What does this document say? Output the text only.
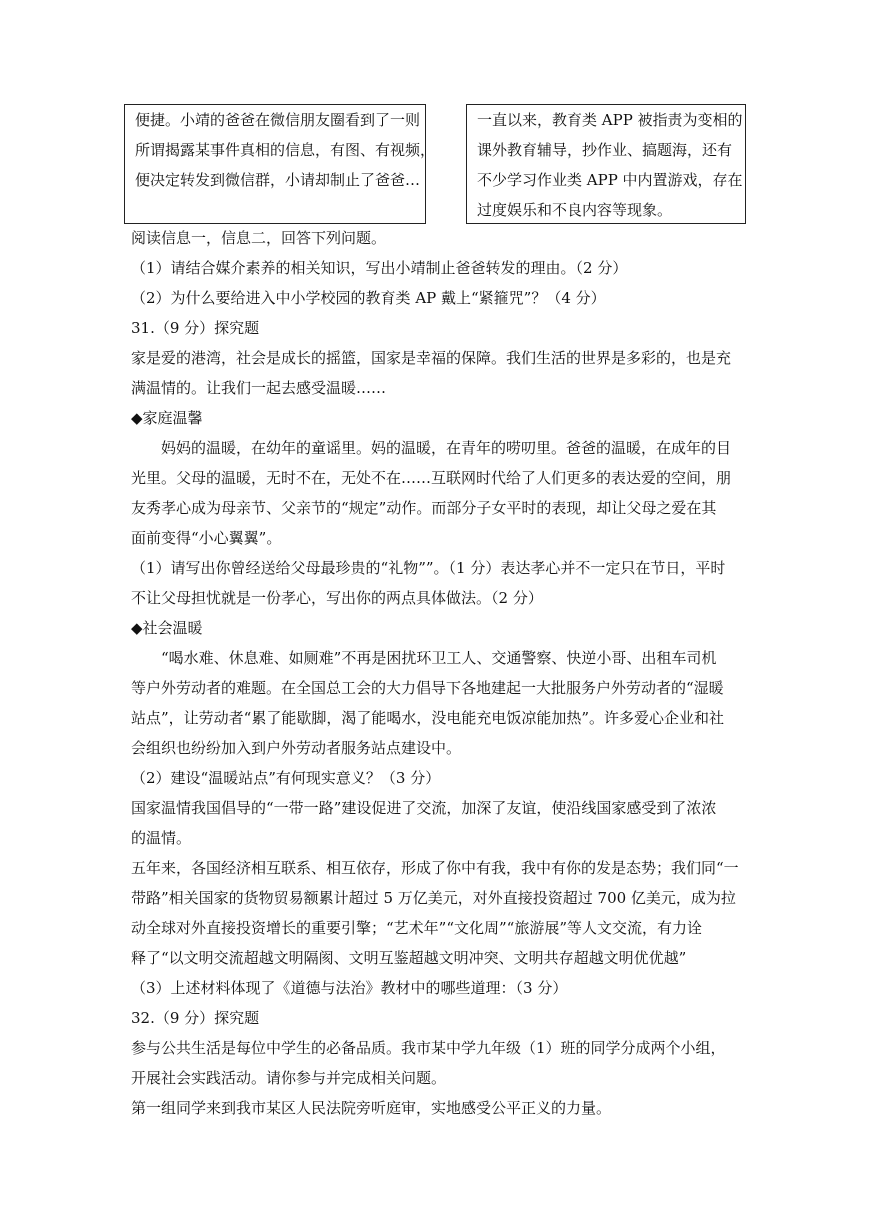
便捷。小靖的爸爸在微信朋友圈看到了一则
所谓揭露某事件真相的信息，有图、有视频，
便决定转发到微信群，小请却制止了爸爸…
一直以来，教育类 APP 被指责为变相的
课外教育辅导，抄作业、搞题海，还有
不少学习作业类 APP 中内置游戏，存在
过度娱乐和不良内容等现象。
阅读信息一，信息二，回答下列问题。
（1）请结合媒介素养的相关知识，写出小靖制止爸爸转发的理由。（2 分）
（2）为什么要给进入中小学校园的教育类 AP 戴上“紧箍咒”？（4 分）
31.（9 分）探究题
家是爱的港湾，社会是成长的摇篮，国家是幸福的保障。我们生活的世界是多彩的，也是充
满温情的。让我们一起去感受温暖……
◆家庭温馨
　　妈妈的温暖，在幼年的童谣里。妈的温暖，在青年的唠叨里。爸爸的温暖，在成年的目
光里。父母的温暖，无时不在，无处不在……互联网时代给了人们更多的表达爱的空间，朋
友秀孝心成为母亲节、父亲节的“规定”动作。而部分子女平时的表现，却让父母之爱在其
面前变得“小心翼翼”。
（1）请写出你曾经送给父母最珍贵的“礼物””。（1 分）表达孝心并不一定只在节日，平时
不让父母担忧就是一份孝心，写出你的两点具体做法。（2 分）
◆社会温暖
　　“喝水难、休息难、如厕难”不再是困扰环卫工人、交通警察、快逆小哥、出租车司机
等户外劳动者的难题。在全国总工会的大力倡导下各地建起一大批服务户外劳动者的“湿暖
站点”，让劳动者“累了能歇脚，渴了能喝水，没电能充电饭凉能加热”。许多爱心企业和社
会组织也纷纷加入到户外劳动者服务站点建设中。
（2）建设“温暖站点”有何现实意义？（3 分）
国家温情我国倡导的“一带一路”建设促进了交流，加深了友谊，使沿线国家感受到了浓浓
的温情。
五年来，各国经济相互联系、相互依存，形成了你中有我，我中有你的发是态势；我们同“一
带路”相关国家的货物贸易额累计超过 5 万亿美元，对外直接投资超过 700 亿美元，成为拉
动全球对外直接投资增长的重要引擎；“艺术年”“文化周”“旅游展”等人文交流，有力诠
释了“以文明交流超越文明隔阂、文明互鉴超越文明冲突、文明共存超越文明优优越”
（3）上述材料体现了《道德与法治》教材中的哪些道理：（3 分）
32.（9 分）探究题
参与公共生活是每位中学生的必备品质。我市某中学九年级（1）班的同学分成两个小组，
开展社会实践活动。请你参与并完成相关问题。
第一组同学来到我市某区人民法院旁听庭审，实地感受公平正义的力量。
